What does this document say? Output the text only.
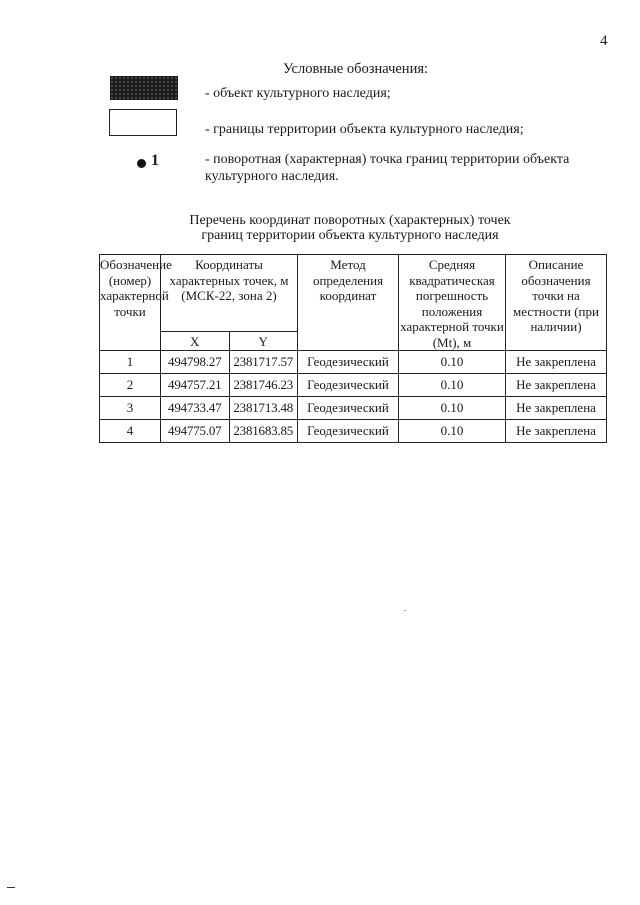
4
Условные обозначения:
- объект культурного наследия;
- границы территории объекта культурного наследия;
1	- поворотная (характерная) точка границ территории объекта культурного наследия.
Перечень координат поворотных (характерных) точек
границ территории объекта культурного наследия
Обозначение (номер) характерной точки	Координаты характерных точек, м (МСК-22, зона 2)		Метод определения координат	Средняя квадратическая погрешность положения характерной точки (Mt), м	Описание обозначения точки на местности (при наличии)
	X	Y			
1	494798.27	2381717.57	Геодезический	0.10	Не закреплена
2	494757.21	2381746.23	Геодезический	0.10	Не закреплена
3	494733.47	2381713.48	Геодезический	0.10	Не закреплена
4	494775.07	2381683.85	Геодезический	0.10	Не закреплена
